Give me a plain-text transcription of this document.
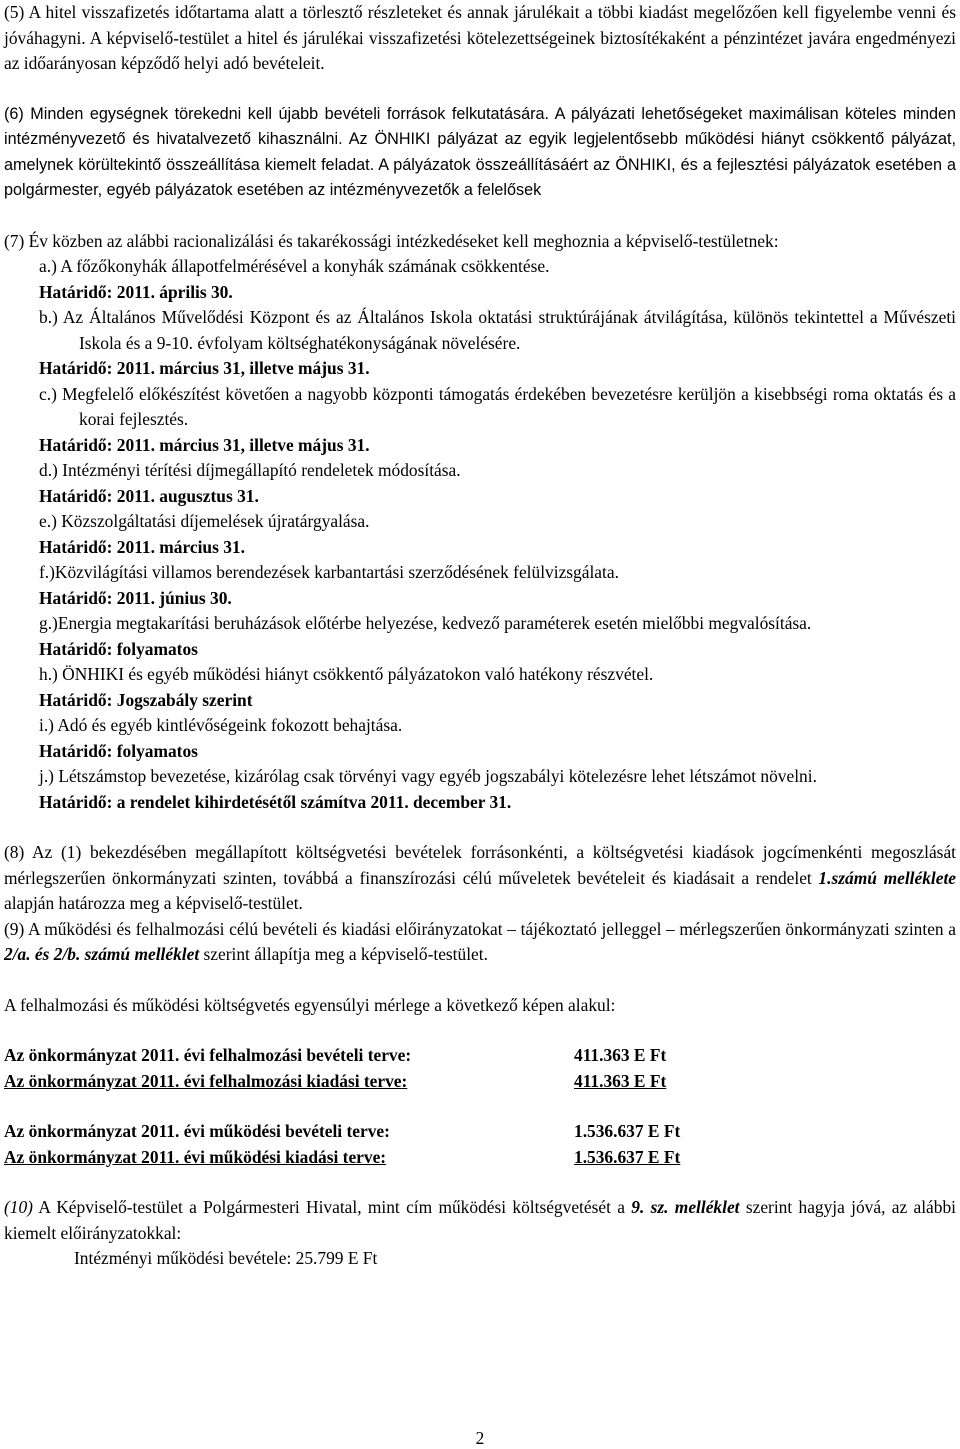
(5) A hitel visszafizetés időtartama alatt a törlesztő részleteket és annak járulékait a többi kiadást megelőzően kell figyelembe venni és jóváhagyni. A képviselő-testület a hitel és járulékai visszafizetési kötelezettségeinek biztosítékaként a pénzintézet javára engedményezi az időarányosan képződő helyi adó bevételeit.

(6) Minden egységnek törekedni kell újabb bevételi források felkutatására. A pályázati lehetőségeket maximálisan köteles minden intézményvezető és hivatalvezető kihasználni. Az ÖNHIKI pályázat az egyik legjelentősebb működési hiányt csökkentő pályázat, amelynek körültekintő összeállítása kiemelt feladat. A pályázatok összeállításáért az ÖNHIKI, és a fejlesztési pályázatok esetében a polgármester, egyéb pályázatok esetében az intézményvezetők a felelősek

(7) Év közben az alábbi racionalizálási és takarékossági intézkedéseket kell meghoznia a képviselő-testületnek:

a.) A főzőkonyhák állapotfelmérésével a konyhák számának csökkentése.

Határidő: 2011. április 30.

b.) Az Általános Művelődési Központ és az Általános Iskola oktatási struktúrájának átvilágítása, különös tekintettel a Művészeti Iskola és a 9-10. évfolyam költséghatékonyságának növelésére.

Határidő: 2011. március 31, illetve május 31.

c.) Megfelelő előkészítést követően a nagyobb központi támogatás érdekében bevezetésre kerüljön a kisebbségi roma oktatás és a korai fejlesztés.

Határidő: 2011. március 31, illetve május 31.

d.) Intézményi térítési díjmegállapító rendeletek módosítása.

Határidő: 2011. augusztus 31.

e.) Közszolgáltatási díjemelések újratárgyalása.

Határidő: 2011. március 31.

f.)Közvilágítási villamos berendezések karbantartási szerződésének felülvizsgálata.

Határidő: 2011. június 30.

g.)Energia megtakarítási beruházások előtérbe helyezése, kedvező paraméterek esetén mielőbbi megvalósítása.

Határidő: folyamatos

h.) ÖNHIKI és egyéb működési hiányt csökkentő pályázatokon való hatékony részvétel.

Határidő: Jogszabály szerint

i.) Adó és egyéb kintlévőségeink fokozott behajtása.

Határidő: folyamatos

j.) Létszámstop bevezetése, kizárólag csak törvényi vagy egyéb jogszabályi kötelezésre lehet létszámot növelni.

Határidő: a rendelet kihirdetésétől számítva 2011. december 31.

(8) Az (1) bekezdésében megállapított költségvetési bevételek forrásonkénti, a költségvetési kiadások jogcímenkénti megoszlását mérlegszerűen önkormányzati szinten, továbbá a finanszírozási célú műveletek bevételeit és kiadásait a rendelet 1.számú melléklete alapján határozza meg a képviselő-testület.

(9) A működési és felhalmozási célú bevételi és kiadási előirányzatokat – tájékoztató jelleggel – mérlegszerűen önkormányzati szinten a 2/a. és 2/b. számú melléklet szerint állapítja meg a képviselő-testület.

A felhalmozási és működési költségvetés egyensúlyi mérlege a következő képen alakul:

Az önkormányzat 2011. évi felhalmozási bevételi terve:	411.363 E Ft
Az önkormányzat 2011. évi felhalmozási kiadási terve:	411.363 E Ft

Az önkormányzat 2011. évi működési bevételi terve:	1.536.637 E Ft
Az önkormányzat 2011. évi működési kiadási terve:	1.536.637 E Ft

(10) A Képviselő-testület a Polgármesteri Hivatal, mint cím működési költségvetését a 9. sz. melléklet szerint hagyja jóvá, az alábbi kiemelt előirányzatokkal:

Intézményi működési bevétele: 25.799 E Ft

2
